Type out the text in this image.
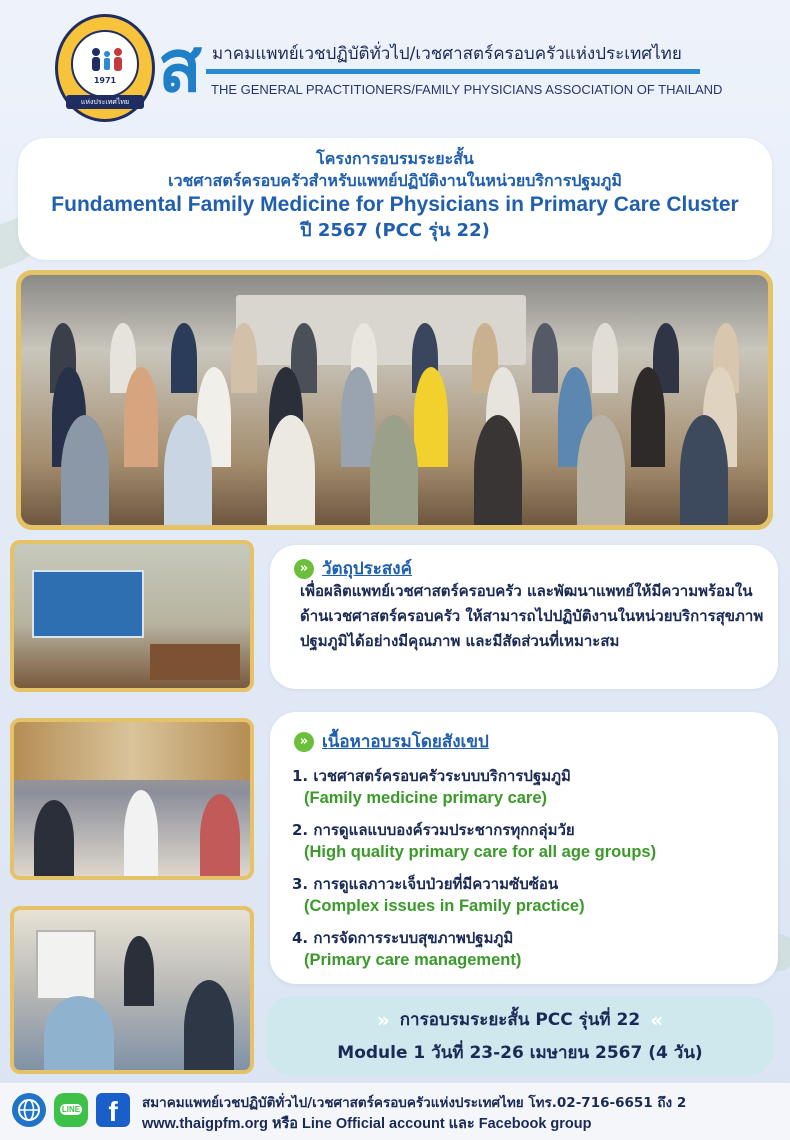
1971
แห่งประเทศไทย ส มาคมแพทย์เวชปฏิบัติทั่วไป/เวชศาสตร์ครอบครัวแห่งประเทศไทย
THE GENERAL PRACTITIONERS/FAMILY PHYSICIANS ASSOCIATION OF THAILAND
โครงการอบรมระยะสั้น
เวชศาสตร์ครอบครัวสำหรับแพทย์ปฏิบัติงานในหน่วยบริการปฐมภูมิ
Fundamental Family Medicine for Physicians in Primary Care Cluster
ปี 2567 (PCC รุ่น 22)
» วัตถุประสงค์
เพื่อผลิตแพทย์เวชศาสตร์ครอบครัว และพัฒนาแพทย์ให้มีความพร้อมในด้านเวชศาสตร์ครอบครัว ให้สามารถไปปฏิบัติงานในหน่วยบริการสุขภาพปฐมภูมิได้อย่างมีคุณภาพ และมีสัดส่วนที่เหมาะสม
» เนื้อหาอบรมโดยสังเขป
1. เวชศาสตร์ครอบครัวระบบบริการปฐมภูมิ
(Family medicine primary care)
2. การดูแลแบบองค์รวมประชากรทุกกลุ่มวัย
(High quality primary care for all age groups)
3. การดูแลภาวะเจ็บป่วยที่มีความซับซ้อน
(Complex issues in Family practice)
4. การจัดการระบบสุขภาพปฐมภูมิ
(Primary care management)
» การอบรมระยะสั้น PCC รุ่นที่ 22 «
Module 1 วันที่ 23-26 เมษายน 2567 (4 วัน)
LINE	f	สมาคมแพทย์เวชปฏิบัติทั่วไป/เวชศาสตร์ครอบครัวแห่งประเทศไทย โทร.02-716-6651 ถึง 2
www.thaigpfm.org หรือ Line Official account และ Facebook group
